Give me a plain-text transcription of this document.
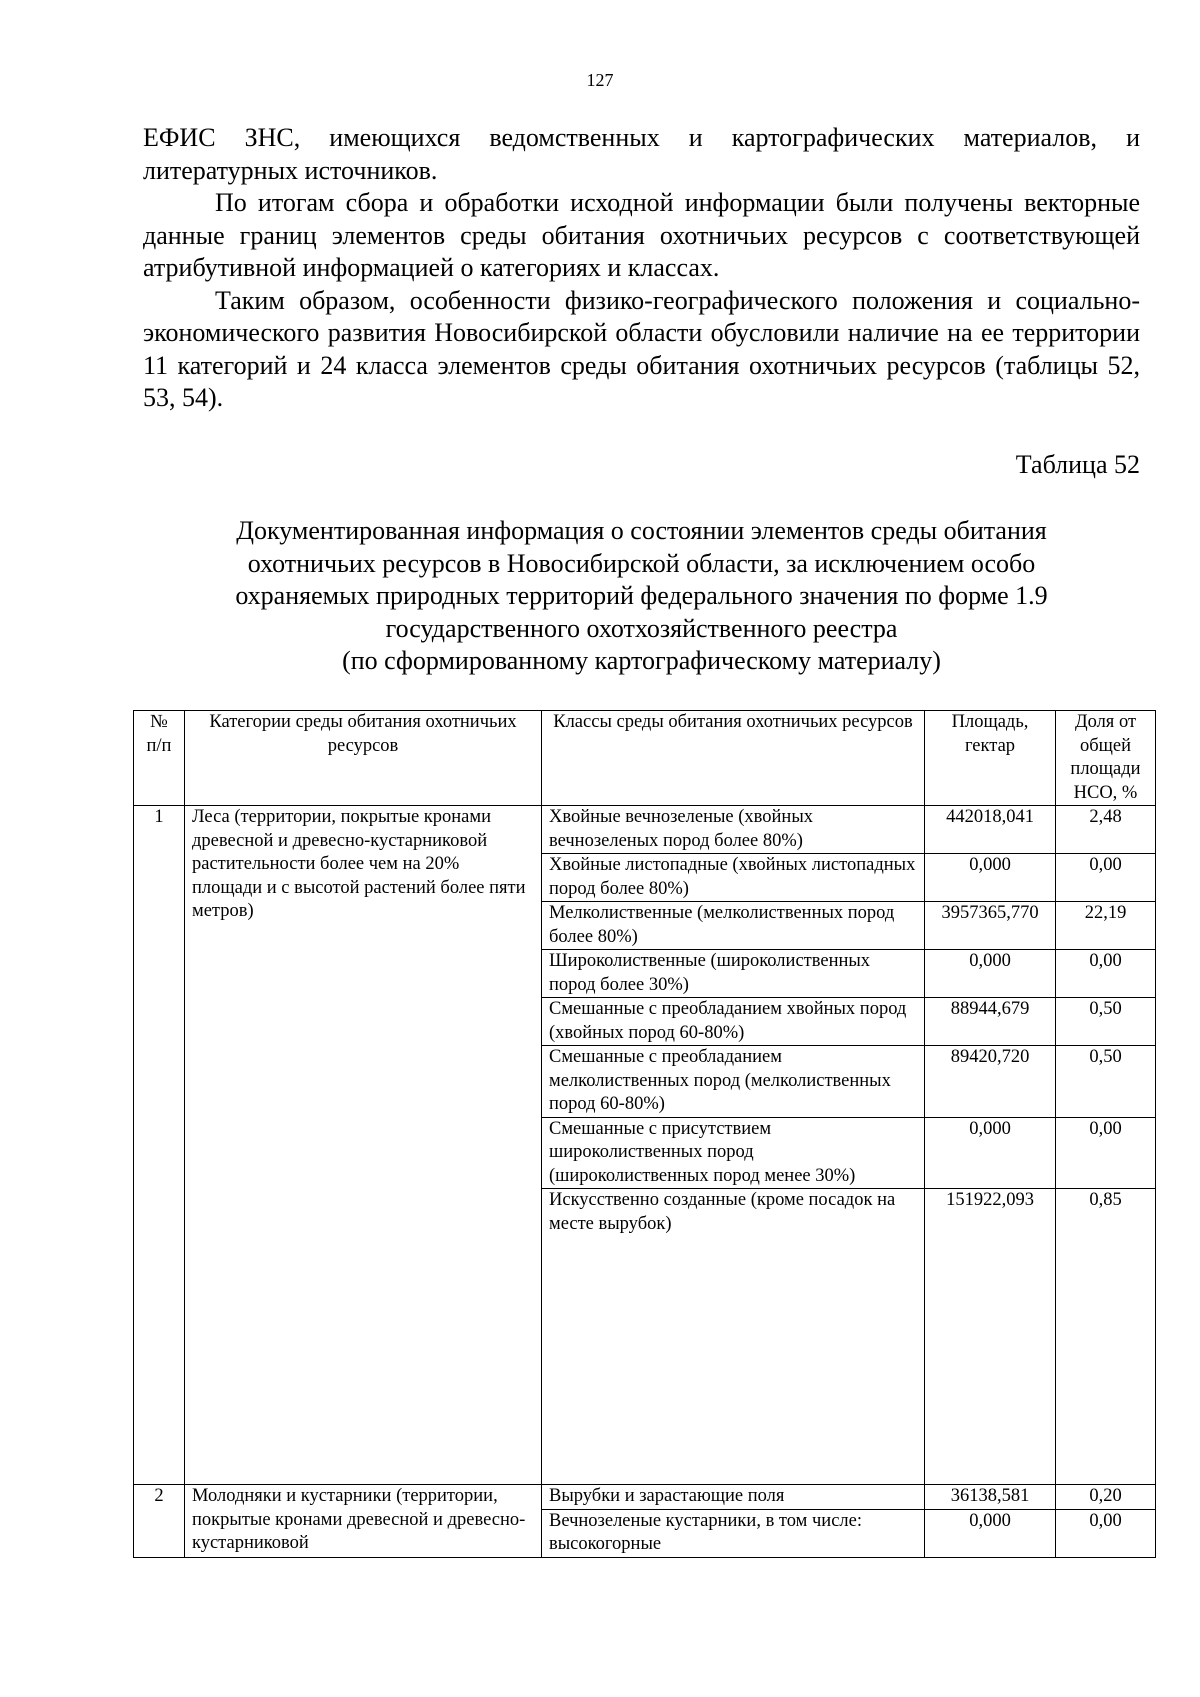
127

ЕФИС ЗНС, имеющихся ведомственных и картографических материалов, и литературных источников.

По итогам сбора и обработки исходной информации были получены векторные данные границ элементов среды обитания охотничьих ресурсов с соответствующей атрибутивной информацией о категориях и классах.

Таким образом, особенности физико-географического положения и социально-экономического развития Новосибирской области обусловили наличие на ее территории 11 категорий и 24 класса элементов среды обитания охотничьих ресурсов (таблицы 52, 53, 54).

Таблица 52
Документированная информация о состоянии элементов среды обитания
охотничьих ресурсов в Новосибирской области, за исключением особо
охраняемых природных территорий федерального значения по форме 1.9
государственного охотхозяйственного реестра
(по сформированному картографическому материалу)
№ п/п	Категории среды обитания охотничьих ресурсов	Классы среды обитания охотничьих ресурсов	Площадь, гектар	Доля от общей площади НСО, %
1	Леса (территории, покрытые кронами древесной и древесно-кустарниковой растительности более чем на 20% площади и с высотой растений более пяти метров)	Хвойные вечнозеленые (хвойных вечнозеленых пород более 80%)	442018,041	2,48
		Хвойные листопадные (хвойных листопадных пород более 80%)	0,000	0,00
		Мелколиственные (мелколиственных пород более 80%)	3957365,770	22,19
		Широколиственные (широколиственных пород более 30%)	0,000	0,00
		Смешанные с преобладанием хвойных пород (хвойных пород 60-80%)	88944,679	0,50
		Смешанные с преобладанием мелколиственных пород (мелколиственных пород 60-80%)	89420,720	0,50
		Смешанные с присутствием широколиственных пород (широколиственных пород менее 30%)	0,000	0,00
		Искусственно созданные (кроме посадок на месте вырубок)	151922,093	0,85
2	Молодняки и кустарники (территории, покрытые кронами древесной и древесно-кустарниковой	Вырубки и зарастающие поля	36138,581	0,20
		Вечнозеленые кустарники, в том числе: высокогорные	0,000	0,00
